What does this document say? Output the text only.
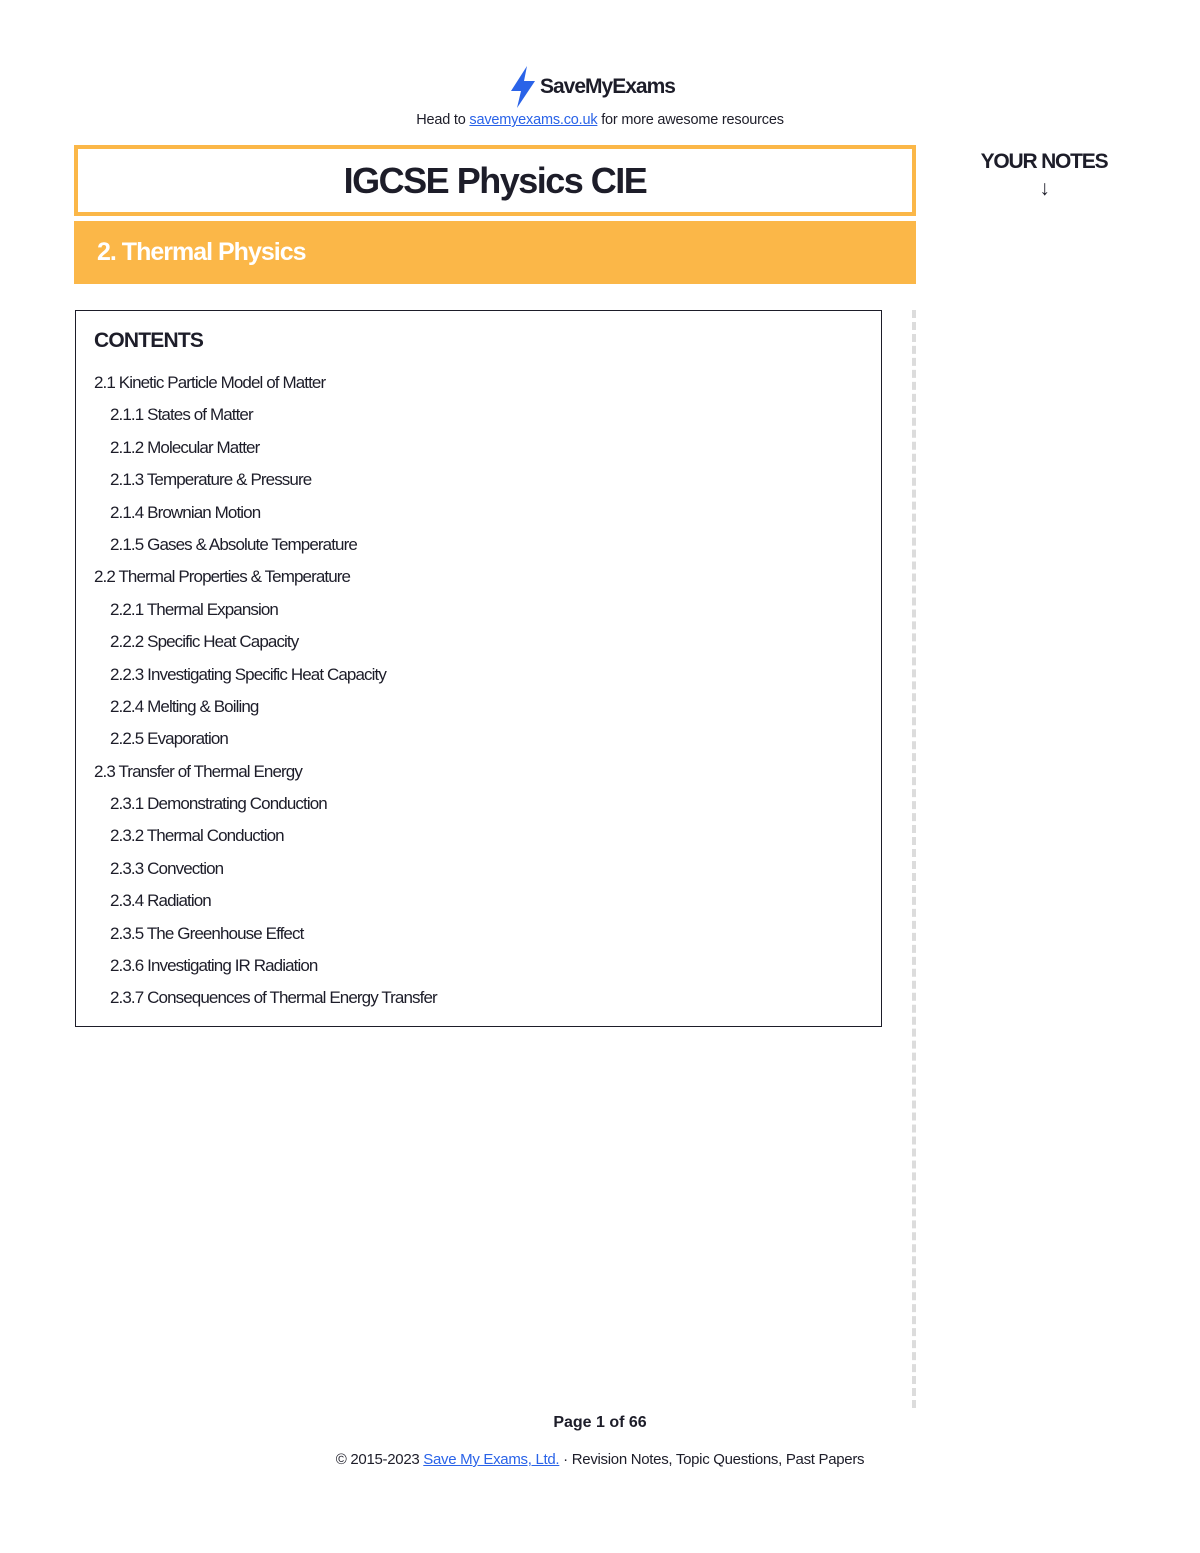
SaveMyExams
Head to savemyexams.co.uk for more awesome resources
IGCSE Physics CIE
2. Thermal Physics
YOUR NOTES
↓
CONTENTS
2.1 Kinetic Particle Model of Matter
2.1.1 States of Matter
2.1.2 Molecular Matter
2.1.3 Temperature & Pressure
2.1.4 Brownian Motion
2.1.5 Gases & Absolute Temperature
2.2 Thermal Properties & Temperature
2.2.1 Thermal Expansion
2.2.2 Specific Heat Capacity
2.2.3 Investigating Specific Heat Capacity
2.2.4 Melting & Boiling
2.2.5 Evaporation
2.3 Transfer of Thermal Energy
2.3.1 Demonstrating Conduction
2.3.2 Thermal Conduction
2.3.3 Convection
2.3.4 Radiation
2.3.5 The Greenhouse Effect
2.3.6 Investigating IR Radiation
2.3.7 Consequences of Thermal Energy Transfer
Page 1 of 66
© 2015-2023 Save My Exams, Ltd. · Revision Notes, Topic Questions, Past Papers
